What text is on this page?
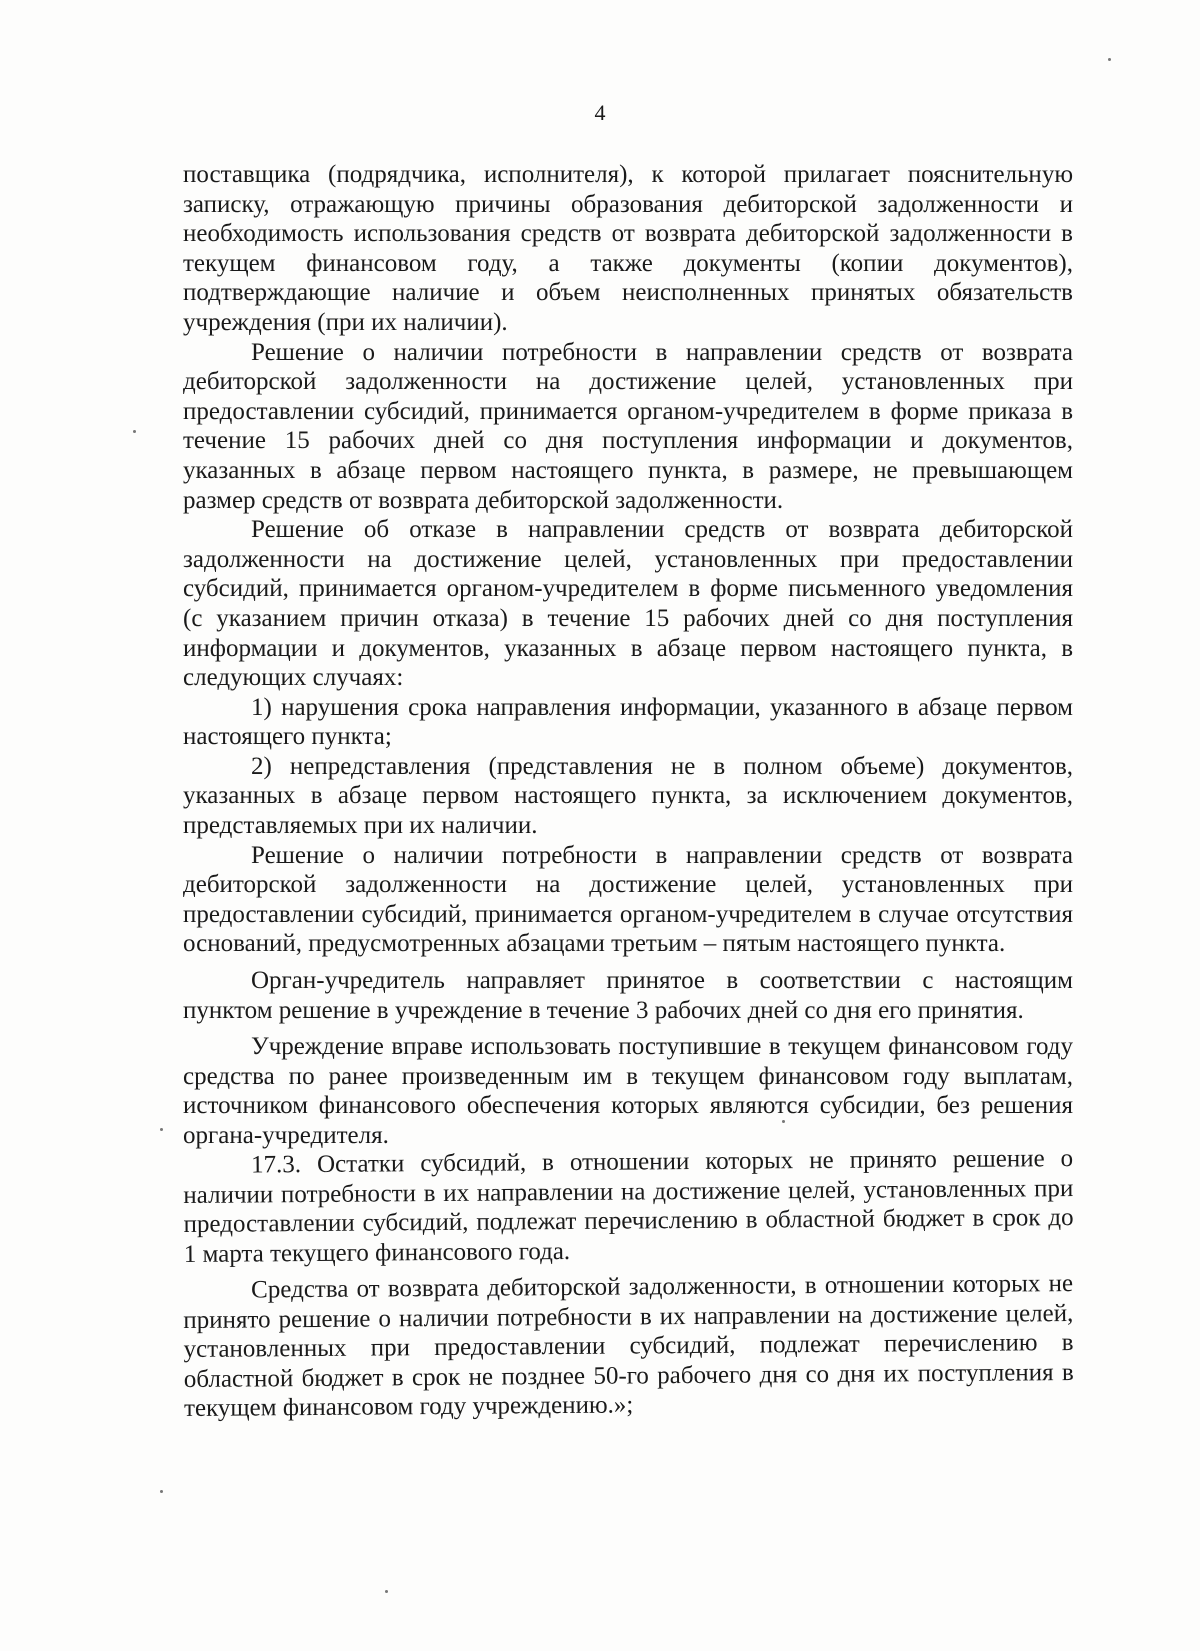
4

поставщика (подрядчика, исполнителя), к которой прилагает пояснительную записку, отражающую причины образования дебиторской задолженности и необходимость использования средств от возврата дебиторской задолженности в текущем финансовом году, а также документы (копии документов), подтверждающие наличие и объем неисполненных принятых обязательств учреждения (при их наличии).

Решение о наличии потребности в направлении средств от возврата дебиторской задолженности на достижение целей, установленных при предоставлении субсидий, принимается органом-учредителем в форме приказа в течение 15 рабочих дней со дня поступления информации и документов, указанных в абзаце первом настоящего пункта, в размере, не превышающем размер средств от возврата дебиторской задолженности.

Решение об отказе в направлении средств от возврата дебиторской задолженности на достижение целей, установленных при предоставлении субсидий, принимается органом-учредителем в форме письменного уведомления (с указанием причин отказа) в течение 15 рабочих дней со дня поступления информации и документов, указанных в абзаце первом настоящего пункта, в следующих случаях:

1) нарушения срока направления информации, указанного в абзаце первом настоящего пункта;

2) непредставления (представления не в полном объеме) документов, указанных в абзаце первом настоящего пункта, за исключением документов, представляемых при их наличии.

Решение о наличии потребности в направлении средств от возврата дебиторской задолженности на достижение целей, установленных при предоставлении субсидий, принимается органом-учредителем в случае отсутствия оснований, предусмотренных абзацами третьим – пятым настоящего пункта.

Орган-учредитель направляет принятое в соответствии с настоящим пунктом решение в учреждение в течение 3 рабочих дней со дня его принятия.

Учреждение вправе использовать поступившие в текущем финансовом году средства по ранее произведенным им в текущем финансовом году выплатам, источником финансового обеспечения которых являются субсидии, без решения органа-учредителя.

17.3. Остатки субсидий, в отношении которых не принято решение о наличии потребности в их направлении на достижение целей, установленных при предоставлении субсидий, подлежат перечислению в областной бюджет в срок до 1 марта текущего финансового года.

Средства от возврата дебиторской задолженности, в отношении которых не принято решение о наличии потребности в их направлении на достижение целей, установленных при предоставлении субсидий, подлежат перечислению в областной бюджет в срок не позднее 50-го рабочего дня со дня их поступления в текущем финансовом году учреждению.»;
